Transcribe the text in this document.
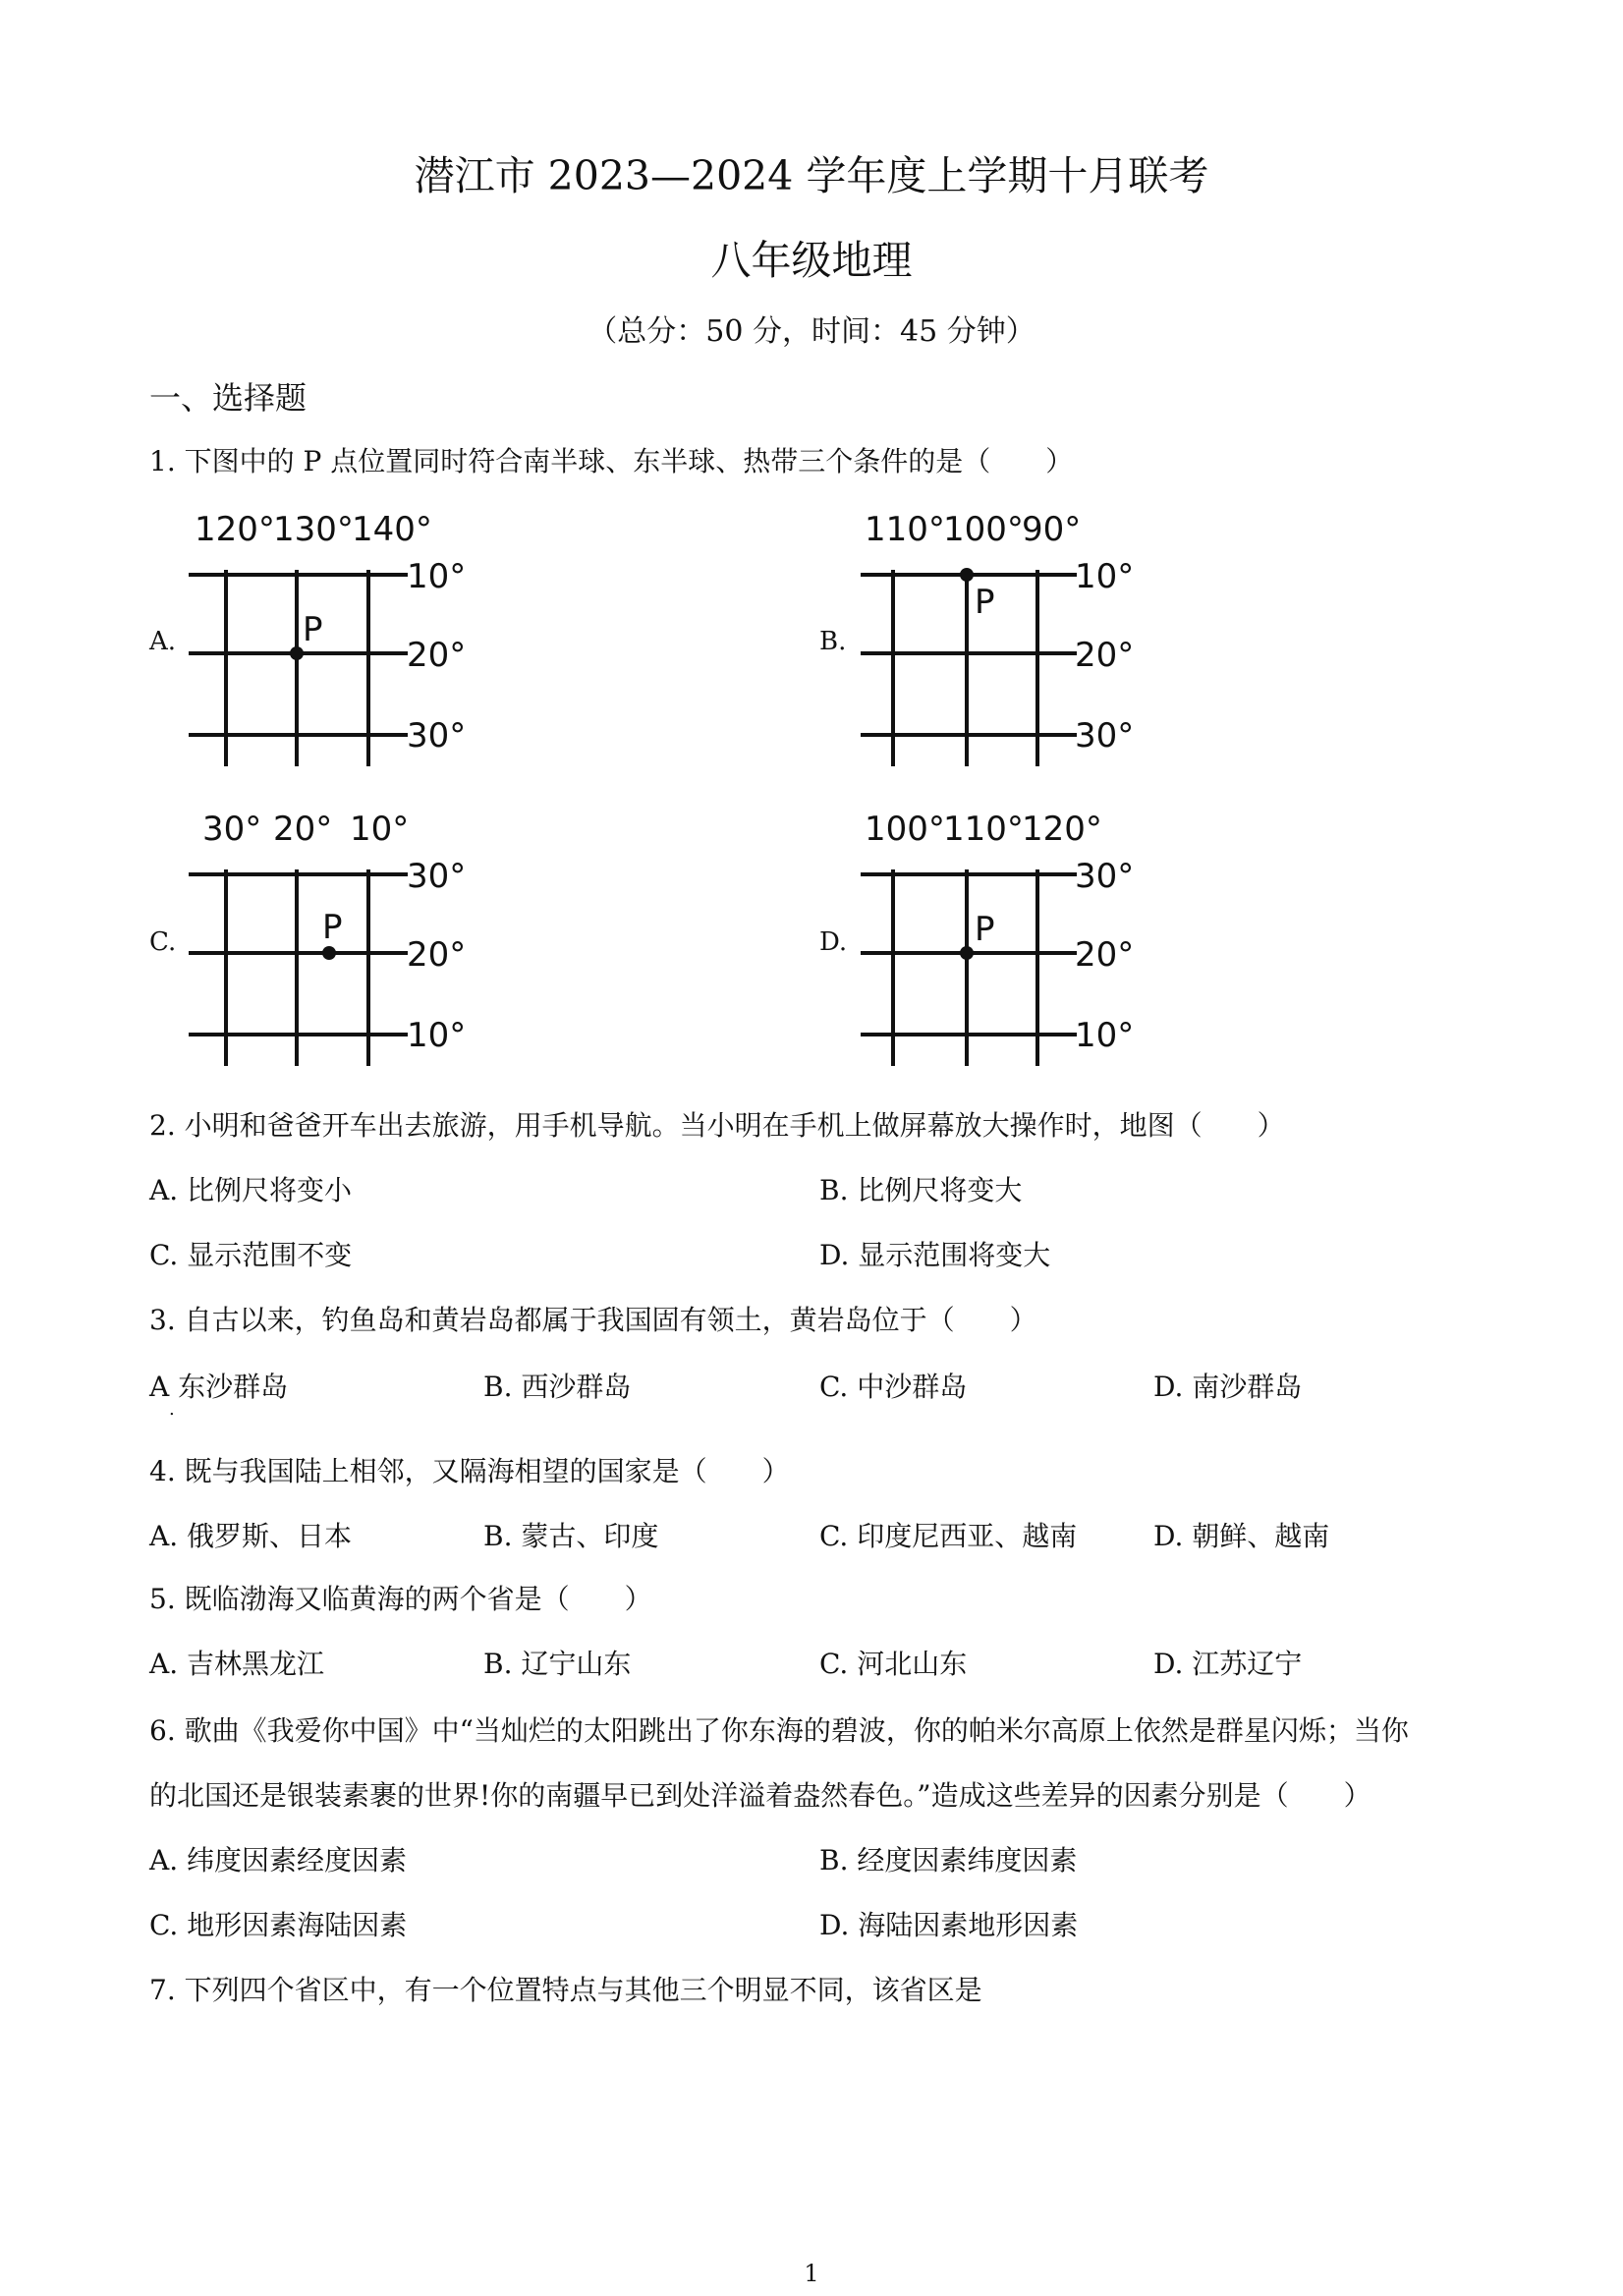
潜江市 2023—2024 学年度上学期十月联考
八年级地理
（总分：50 分，时间：45 分钟）
一、选择题
1. 下图中的 P 点位置同时符合南半球、东半球、热带三个条件的是（　　）
A.
120°
130°
140°
10°
20°
30°
P	B.
110°
100°
90°
10°
20°
30°
P
C.
30° 20° 10°
30°
20°
10°
P	D.
100°
110°
120°
30°
20°
10°
P
2. 小明和爸爸开车出去旅游，用手机导航。当小明在手机上做屏幕放大操作时，地图（　　）
A. 比例尺将变小	B. 比例尺将变大
C. 显示范围不变	D. 显示范围将变大
3. 自古以来，钓鱼岛和黄岩岛都属于我国固有领土，黄岩岛位于（　　）
A 东沙群岛	B. 西沙群岛	C. 中沙群岛	D. 南沙群岛
.
4. 既与我国陆上相邻，又隔海相望的国家是（　　）
A. 俄罗斯、日本	B. 蒙古、印度	C. 印度尼西亚、越南	D. 朝鲜、越南
5. 既临渤海又临黄海的两个省是（　　）
A. 吉林黑龙江	B. 辽宁山东	C. 河北山东	D. 江苏辽宁
6. 歌曲《我爱你中国》中“当灿烂的太阳跳出了你东海的碧波，你的帕米尔高原上依然是群星闪烁；当你
的北国还是银装素裹的世界!你的南疆早已到处洋溢着盎然春色。”造成这些差异的因素分别是（　　）
A. 纬度因素经度因素	B. 经度因素纬度因素
C. 地形因素海陆因素	D. 海陆因素地形因素
7. 下列四个省区中，有一个位置特点与其他三个明显不同，该省区是
1
